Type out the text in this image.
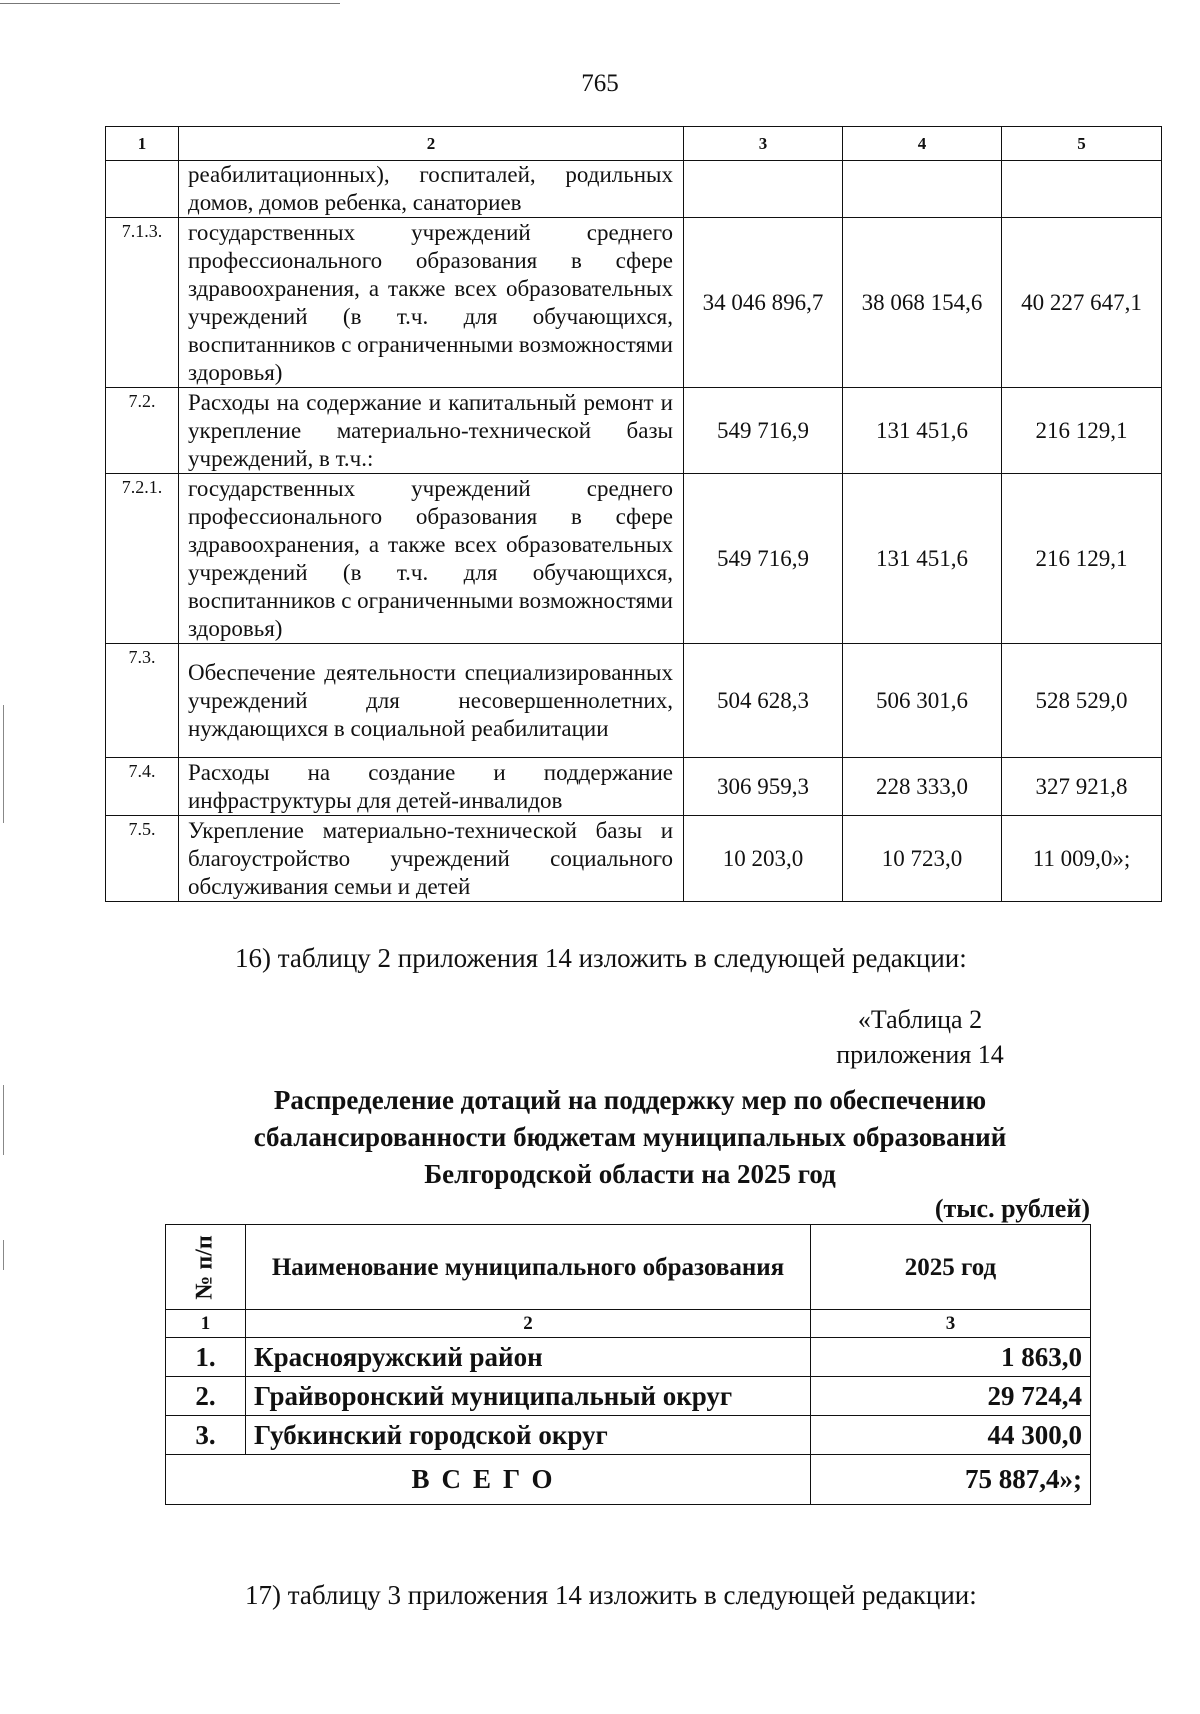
765
1	2	3	4	5
	реабилитационных), госпиталей, родильных домов, домов ребенка, санаториев			
7.1.3.	государственных учреждений среднего профессионального образования в сфере здравоохранения, а также всех образовательных учреждений (в т.ч. для обучающихся, воспитанников с ограниченными возможностями здоровья)	34 046 896,7	38 068 154,6	40 227 647,1
7.2.	Расходы на содержание и капитальный ремонт и укрепление материально-технической базы учреждений, в т.ч.:	549 716,9	131 451,6	216 129,1
7.2.1.	государственных учреждений среднего профессионального образования в сфере здравоохранения, а также всех образовательных учреждений (в т.ч. для обучающихся, воспитанников с ограниченными возможностями здоровья)	549 716,9	131 451,6	216 129,1
7.3.	Обеспечение деятельности специализированных учреждений для несовершеннолетних, нуждающихся в социальной реабилитации	504 628,3	506 301,6	528 529,0
7.4.	Расходы на создание и поддержание инфраструктуры для детей-инвалидов	306 959,3	228 333,0	327 921,8
7.5.	Укрепление материально-технической базы и благоустройство учреждений социального обслуживания семьи и детей	10 203,0	10 723,0	11 009,0»;
16) таблицу 2 приложения 14 изложить в следующей редакции:
«Таблица 2
приложения 14
Распределение дотаций на поддержку мер по обеспечению
сбалансированности бюджетам муниципальных образований
Белгородской области на 2025 год
(тыс. рублей)
№ п/п	Наименование муниципального образования	2025 год
1	2	3
1.	Краснояружский район	1 863,0
2.	Грайворонский муниципальный округ	29 724,4
3.	Губкинский городской округ	44 300,0
ВСЕГО		75 887,4»;
17) таблицу 3 приложения 14 изложить в следующей редакции:
